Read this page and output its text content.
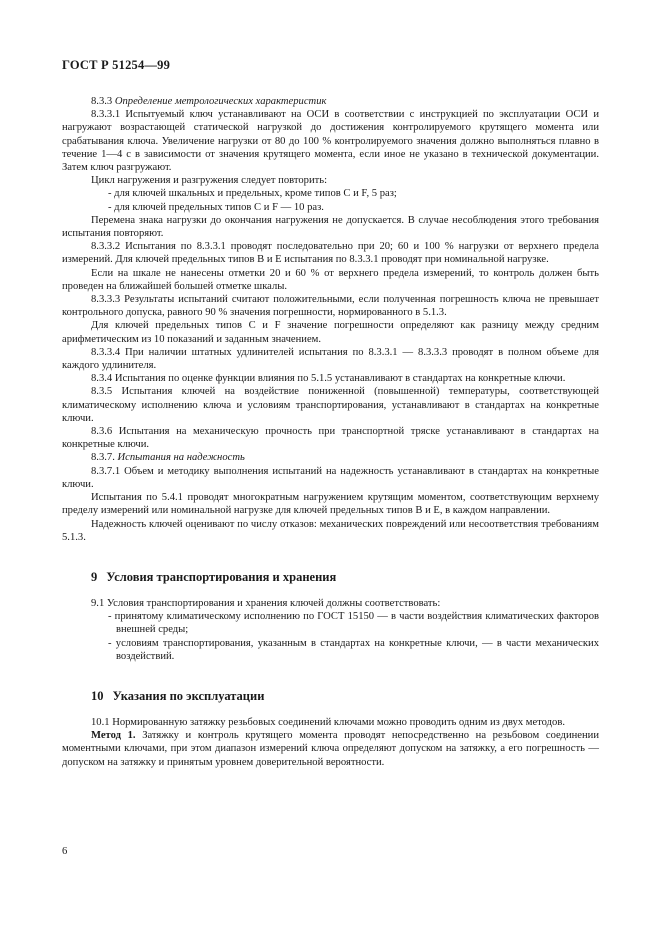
ГОСТ Р 51254—99

8.3.3 Определение метрологических характеристик

8.3.3.1 Испытуемый ключ устанавливают на ОСИ в соответствии с инструкцией по эксплуатации ОСИ и нагружают возрастающей статической нагрузкой до достижения контролируемого крутящего момента или срабатывания ключа. Увеличение нагрузки от 80 до 100 % контролируемого значения должно выполняться плавно в течение 1—4 с в зависимости от значения крутящего момента, если иное не указано в технической документации. Затем ключ разгружают.

Цикл нагружения и разгружения следует повторить:

- для ключей шкальных и предельных, кроме типов С и F, 5 раз;

- для ключей предельных типов С и F — 10 раз.

Перемена знака нагрузки до окончания нагружения не допускается. В случае несоблюдения этого требования испытания повторяют.

8.3.3.2 Испытания по 8.3.3.1 проводят последовательно при 20; 60 и 100 % нагрузки от верхнего предела измерений. Для ключей предельных типов В и Е испытания по 8.3.3.1 проводят при номинальной нагрузке.

Если на шкале не нанесены отметки 20 и 60 % от верхнего предела измерений, то контроль должен быть проведен на ближайшей большей отметке шкалы.

8.3.3.3 Результаты испытаний считают положительными, если полученная погрешность ключа не превышает контрольного допуска, равного 90 % значения погрешности, нормированного в 5.1.3.

Для ключей предельных типов С и F значение погрешности определяют как разницу между средним арифметическим из 10 показаний и заданным значением.

8.3.3.4 При наличии штатных удлинителей испытания по 8.3.3.1 — 8.3.3.3 проводят в полном объеме для каждого удлинителя.

8.3.4 Испытания по оценке функции влияния по 5.1.5 устанавливают в стандартах на конкретные ключи.

8.3.5 Испытания ключей на воздействие пониженной (повышенной) температуры, соответствующей климатическому исполнению ключа и условиям транспортирования, устанавливают в стандартах на конкретные ключи.

8.3.6 Испытания на механическую прочность при транспортной тряске устанавливают в стандартах на конкретные ключи.

8.3.7. Испытания на надежность

8.3.7.1 Объем и методику выполнения испытаний на надежность устанавливают в стандартах на конкретные ключи.

Испытания по 5.4.1 проводят многократным нагружением крутящим моментом, соответствующим верхнему пределу измерений или номинальной нагрузке для ключей предельных типов В и Е, в каждом направлении.

Надежность ключей оценивают по числу отказов: механических повреждений или несоответствия требованиям 5.1.3.

9 Условия транспортирования и хранения

9.1 Условия транспортирования и хранения ключей должны соответствовать:

- принятому климатическому исполнению по ГОСТ 15150 — в части воздействия климатических факторов внешней среды;

- условиям транспортирования, указанным в стандартах на конкретные ключи, — в части механических воздействий.

10 Указания по эксплуатации

10.1 Нормированную затяжку резьбовых соединений ключами можно проводить одним из двух методов.

Метод 1. Затяжку и контроль крутящего момента проводят непосредственно на резьбовом соединении моментными ключами, при этом диапазон измерений ключа определяют допуском на затяжку, а его погрешность — допуском на затяжку и принятым уровнем доверительной вероятности.

6
